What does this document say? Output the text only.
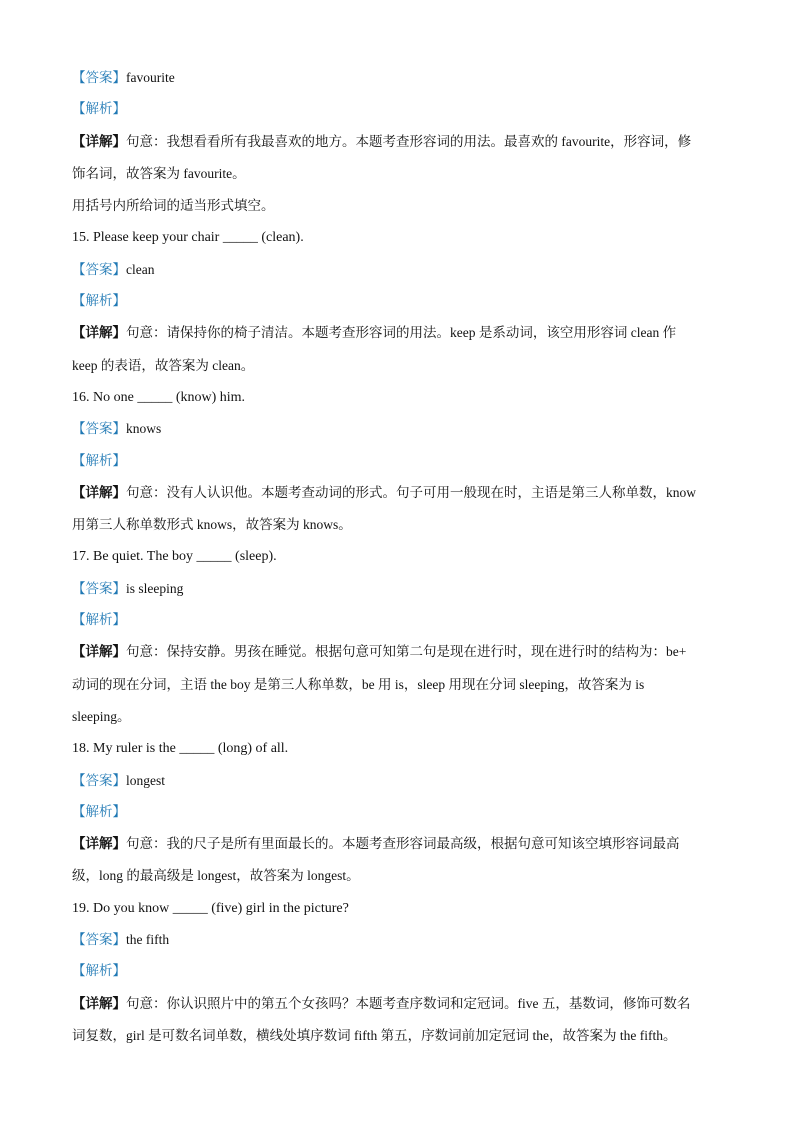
【答案】favourite
【解析】
【详解】句意：我想看看所有我最喜欢的地方。本题考查形容词的用法。最喜欢的 favourite，形容词，修
饰名词，故答案为 favourite。
用括号内所给词的适当形式填空。
15. Please keep your chair _____ (clean).
【答案】clean
【解析】
【详解】句意：请保持你的椅子清洁。本题考查形容词的用法。keep 是系动词，该空用形容词 clean 作
keep 的表语，故答案为 clean。
16. No one _____ (know) him.
【答案】knows
【解析】
【详解】句意：没有人认识他。本题考查动词的形式。句子可用一般现在时，主语是第三人称单数，know
用第三人称单数形式 knows，故答案为 knows。
17. Be quiet. The boy _____ (sleep).
【答案】is sleeping
【解析】
【详解】句意：保持安静。男孩在睡觉。根据句意可知第二句是现在进行时，现在进行时的结构为：be+
动词的现在分词，主语 the boy 是第三人称单数，be 用 is，sleep 用现在分词 sleeping，故答案为 is
sleeping。
18. My ruler is the _____ (long) of all.
【答案】longest
【解析】
【详解】句意：我的尺子是所有里面最长的。本题考查形容词最高级，根据句意可知该空填形容词最高
级，long 的最高级是 longest，故答案为 longest。
19. Do you know _____ (five) girl in the picture?
【答案】the fifth
【解析】
【详解】句意：你认识照片中的第五个女孩吗？本题考查序数词和定冠词。five 五，基数词，修饰可数名
词复数，girl 是可数名词单数，横线处填序数词 fifth 第五，序数词前加定冠词 the，故答案为 the fifth。
